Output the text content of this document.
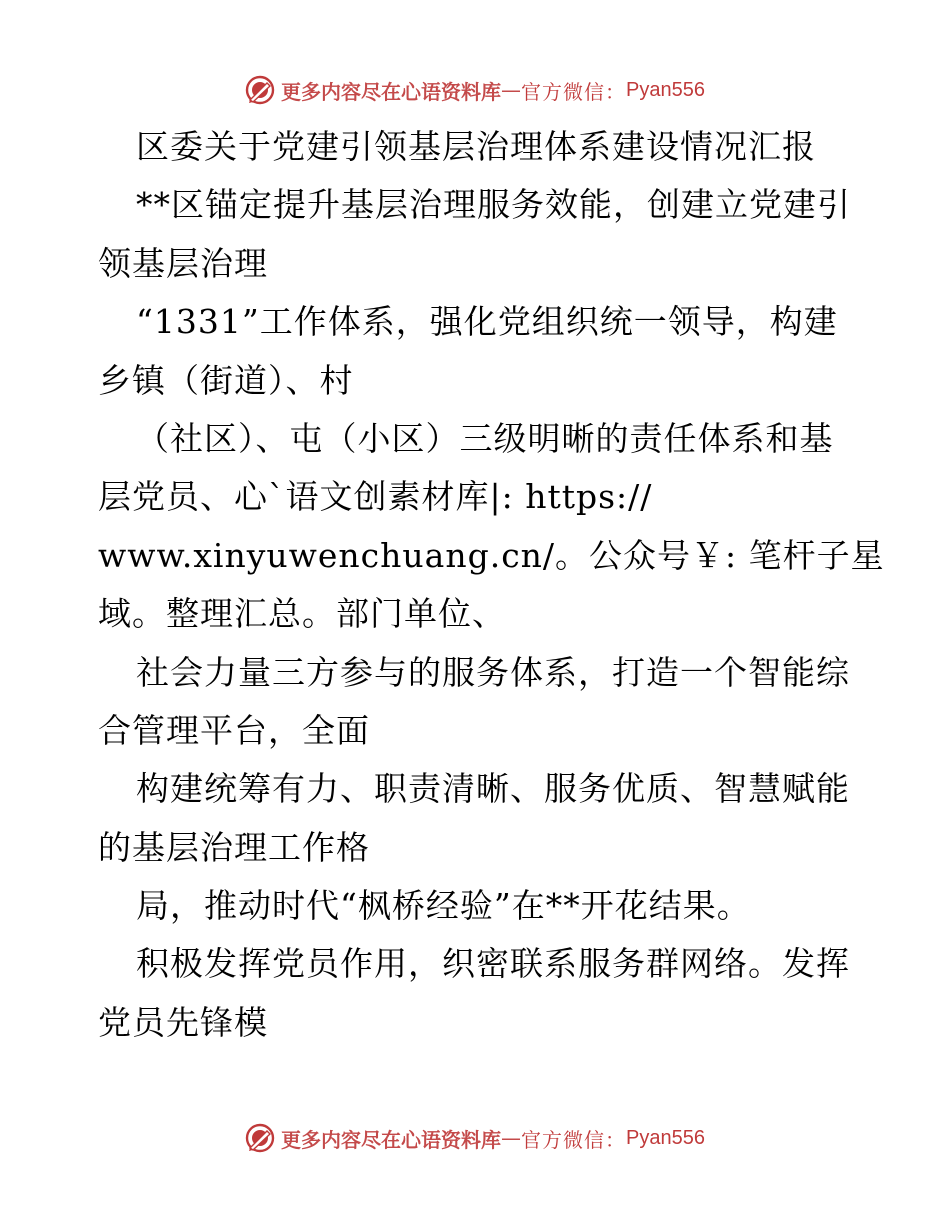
更多内容尽在心语资料库 — 官方微信： Pyan556
区委关于党建引领基层治理体系建设情况汇报
**区锚定提升基层治理服务效能，创建立党建引
领基层治理
“1331”工作体系，强化党组织统一领导，构建
乡镇（街道）、村
（社区）、屯（小区）三级明晰的责任体系和基
层党员、心`语文创素材库|: https://
www.xinyuwenchuang.cn/。公众号￥: 笔杆子星
域。整理汇总。部门单位、
社会力量三方参与的服务体系，打造一个智能综
合管理平台，全面
构建统筹有力、职责清晰、服务优质、智慧赋能
的基层治理工作格
局，推动时代“枫桥经验”在**开花结果。
积极发挥党员作用，织密联系服务群网络。发挥
党员先锋模
更多内容尽在心语资料库 — 官方微信： Pyan556
